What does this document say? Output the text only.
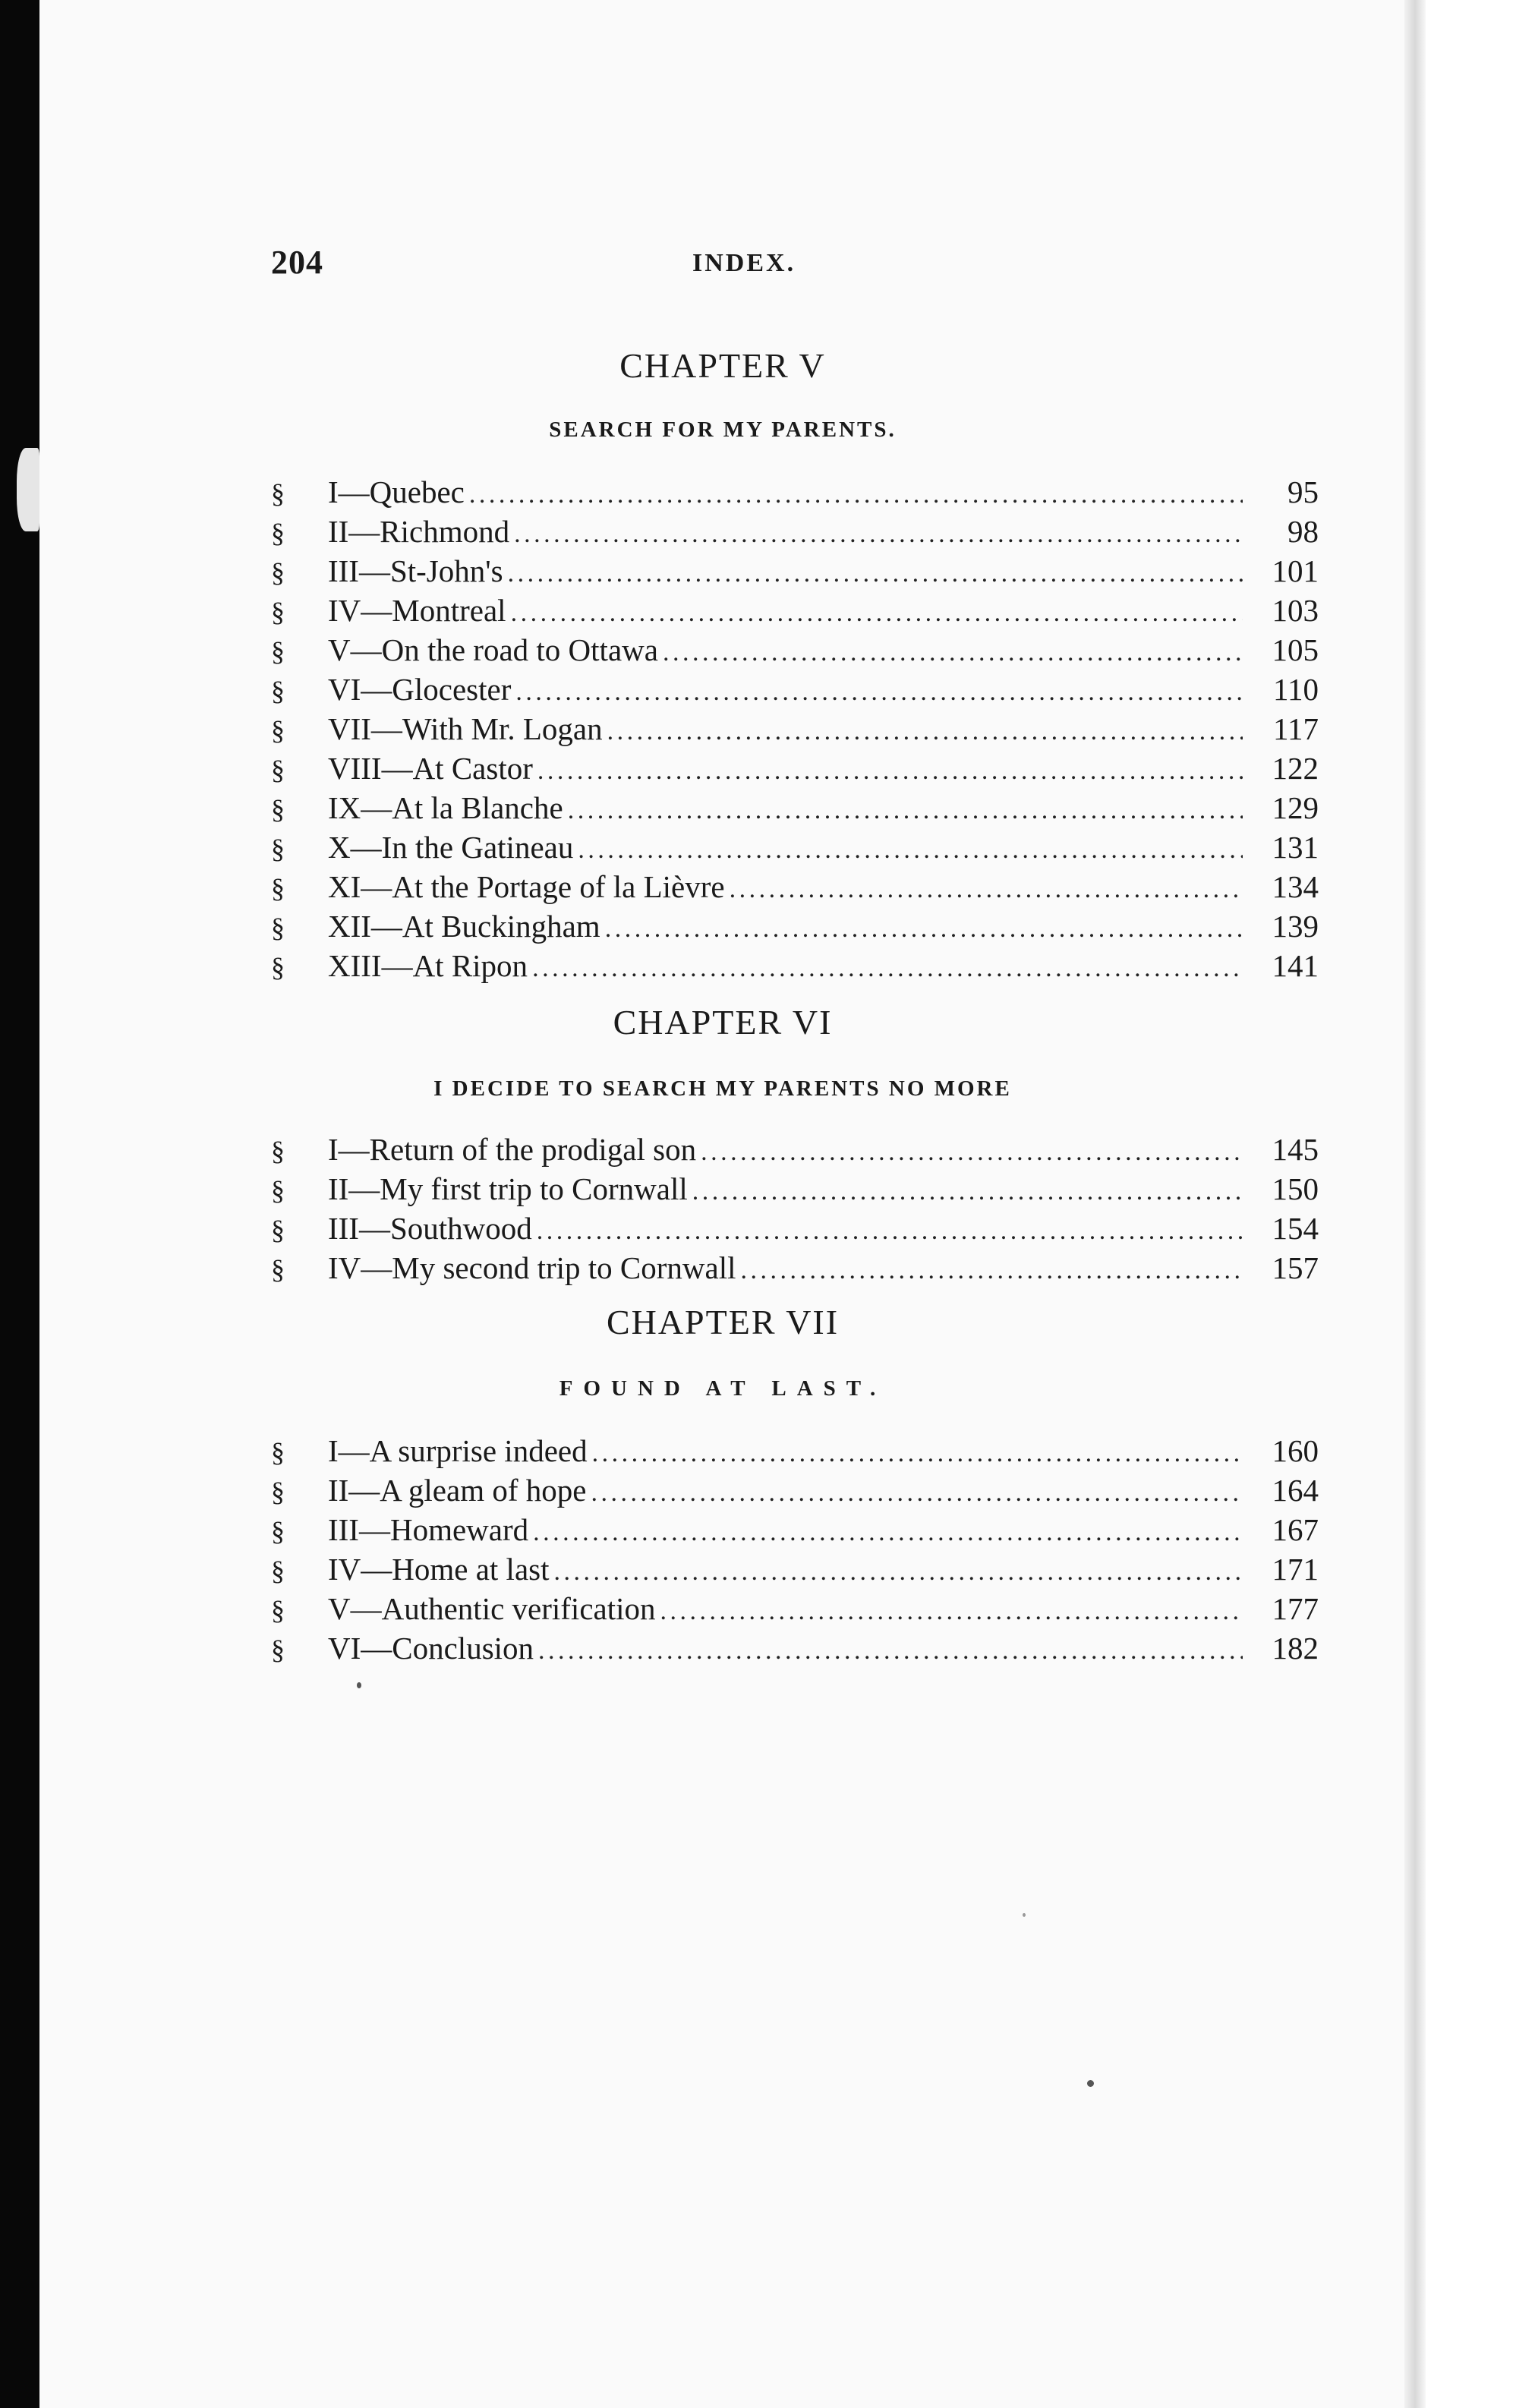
204	INDEX.
CHAPTER V
SEARCH FOR MY PARENTS.
§	I—Quebec . . .	95
§	II—Richmond . . .	98
§	III—St-John's . . .	101
§	IV—Montreal . . .	103
§	V—On the road to Ottawa . . .	105
§	VI—Glocester . . .	110
§	VII—With Mr. Logan . . .	117
§	VIII—At Castor . . .	122
§	IX—At la Blanche . . .	129
§	X—In the Gatineau . . .	131
§	XI—At the Portage of la Lièvre . . .	134
§	XII—At Buckingham . . .	139
§	XIII—At Ripon . . .	141
CHAPTER VI
I DECIDE TO SEARCH MY PARENTS NO MORE
§	I—Return of the prodigal son . . .	145
§	II—My first trip to Cornwall . . .	150
§	III—Southwood . . .	154
§	IV—My second trip to Cornwall . . .	157
CHAPTER VII
FOUND AT LAST.
§	I—A surprise indeed . . .	160
§	II—A gleam of hope . . .	164
§	III—Homeward . . .	167
§	IV—Home at last . . .	171
§	V—Authentic verification . . .	177
§	VI—Conclusion . . .	182
